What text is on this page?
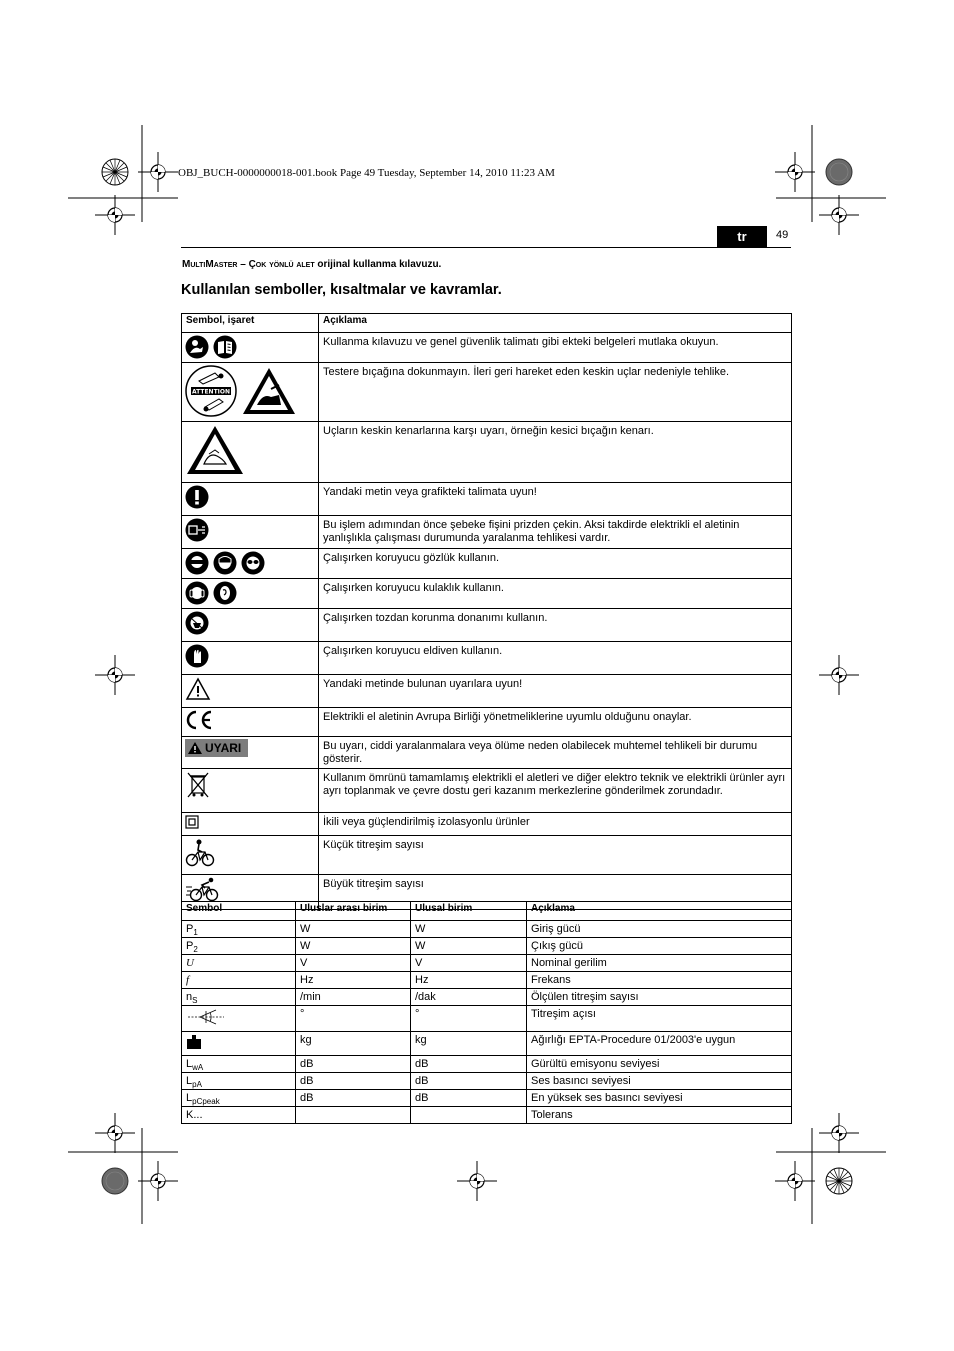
OBJ_BUCH-0000000018-001.book Page 49 Tuesday, September 14, 2010 11:23 AM
tr	49
MultiMaster – Çok yönlü alet orijinal kullanma kılavuzu.
Kullanılan semboller, kısaltmalar ve kavramlar.
Sembol, işaret	Açıklama

	Kullanma kılavuzu ve genel güvenlik talimatı gibi ekteki belgeleri mutlaka okuyun.

ATTENTION	Testere bıçağına dokunmayın. İleri geri hareket eden keskin uçlar nedeniyle tehlike.
	Uçların keskin kenarlarına karşı uyarı, örneğin kesici bıçağın kenarı.
	Yandaki metin veya grafikteki talimata uyun!
	Bu işlem adımından önce şebeke fişini prizden çekin. Aksi takdirde elektrikli el aletinin yanlışlıkla çalışması durumunda yaralanma tehlikesi vardır.

	Çalışırken koruyucu gözlük kullanın.

	Çalışırken koruyucu kulaklık kullanın.
	Çalışırken tozdan korunma donanımı kullanın.
	Çalışırken koruyucu eldiven kullanın.
	Yandaki metinde bulunan uyarılara uyun!
	Elektrikli el aletinin Avrupa Birliği yönetmeliklerine uyumlu olduğunu onaylar.

UYARI	Bu uyarı, ciddi yaralanmalara veya ölüme neden olabilecek muhtemel tehlikeli bir durumu gösterir.
	Kullanım ömrünü tamamlamış elektrikli el aletleri ve diğer elektro teknik ve elektrikli ürünler ayrı ayrı toplanmak ve çevre dostu geri kazanım merkezlerine gönderilmek zorundadır.
	İkili veya güçlendirilmiş izolasyonlu ürünler
	Küçük titreşim sayısı
	Büyük titreşim sayısı
Sembol	Uluslar arası birim	Ulusal birim	Açıklama
$P_1$	W	W	Giriş gücü
$P_2$	W	W	Çıkış gücü
U	V	V	Nominal gerilim
f	Hz	Hz	Frekans
$n_S$	/min	/dak	Ölçülen titreşim sayısı
	°	°	Titreşim açısı
	kg	kg	Ağırlığı EPTA-Procedure 01/2003'e uygun
$L_{wA}$	dB	dB	Gürültü emisyonu seviyesi
$L_{pA}$	dB	dB	Ses basıncı seviyesi
$L_{pCpeak}$	dB	dB	En yüksek ses basıncı seviyesi
K...			Tolerans
